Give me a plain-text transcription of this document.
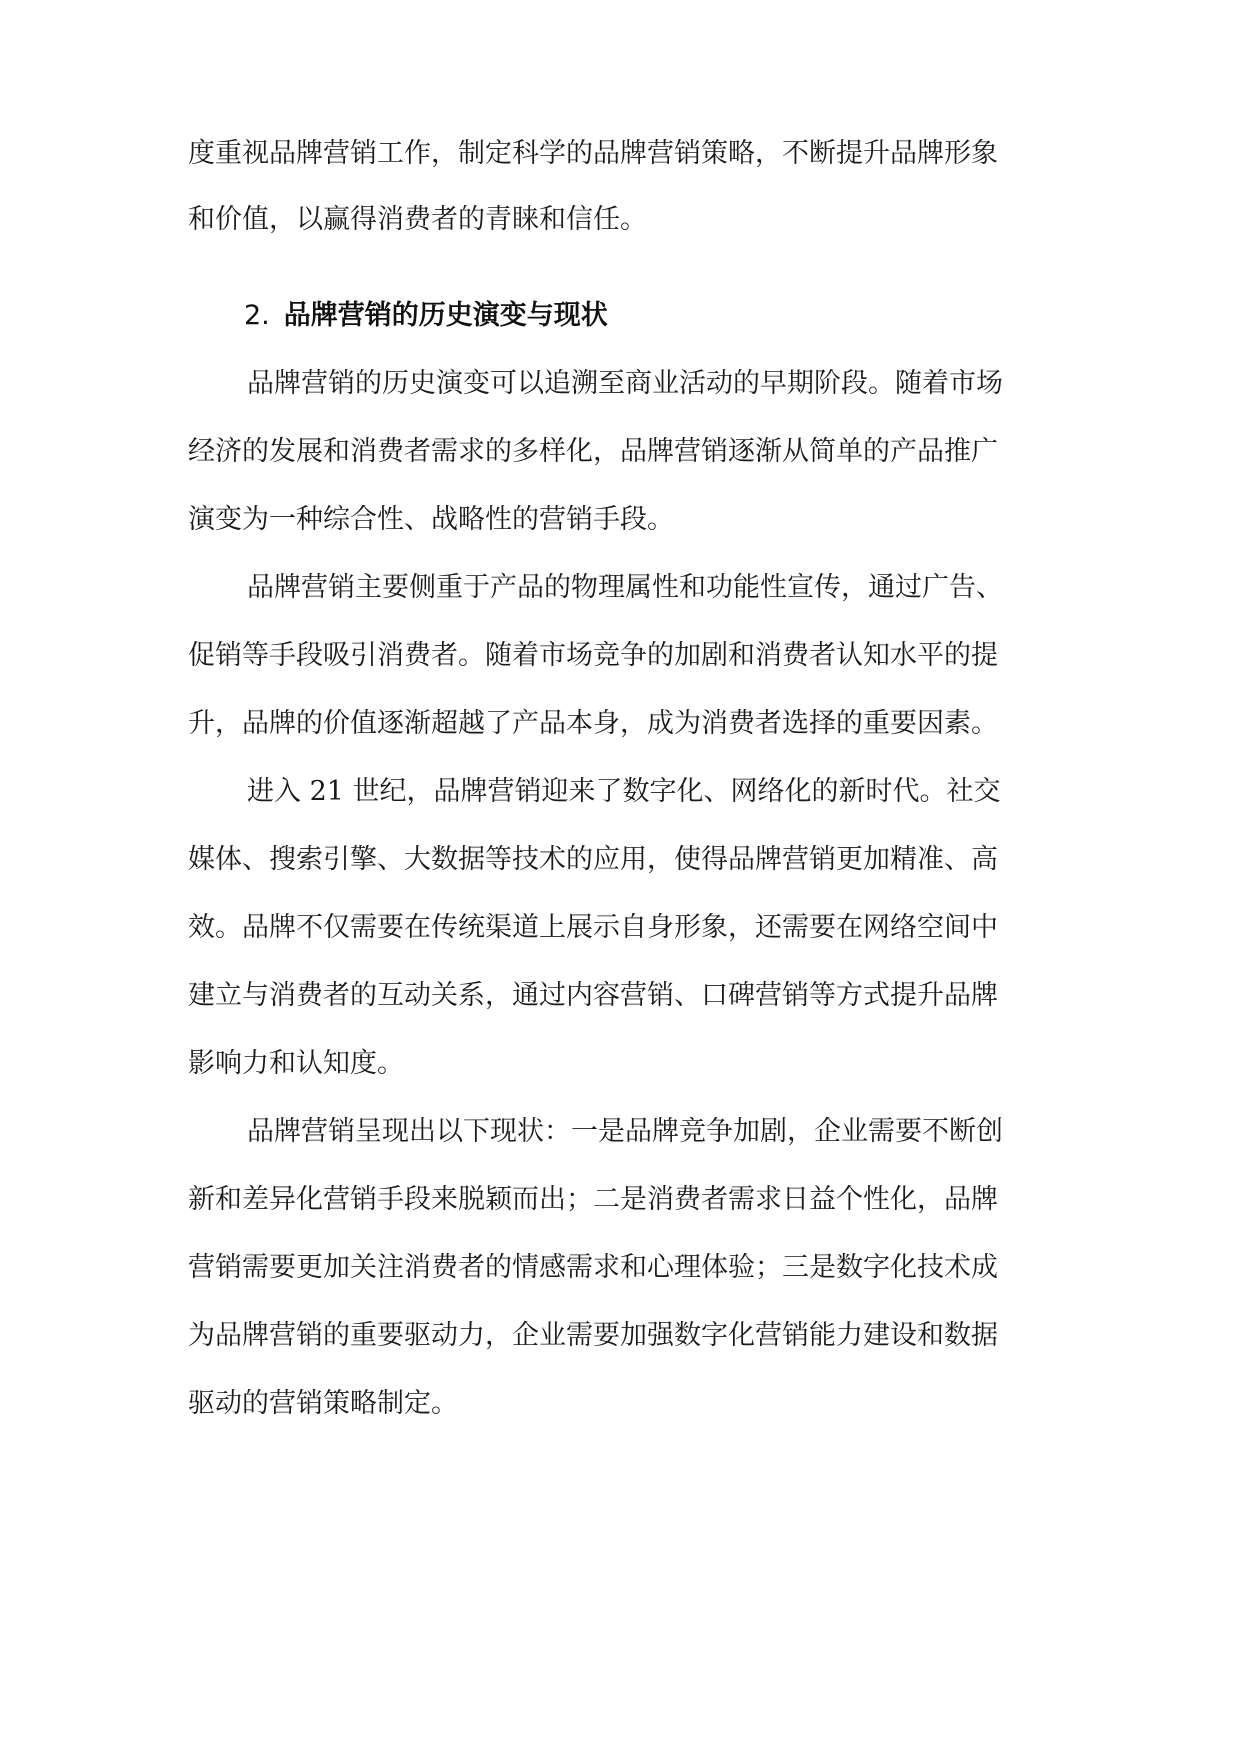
度重视品牌营销工作，制定科学的品牌营销策略，不断提升品牌形象
和价值，以赢得消费者的青睐和信任。
2. 品牌营销的历史演变与现状
品牌营销的历史演变可以追溯至商业活动的早期阶段。随着市场
经济的发展和消费者需求的多样化，品牌营销逐渐从简单的产品推广
演变为一种综合性、战略性的营销手段。
品牌营销主要侧重于产品的物理属性和功能性宣传，通过广告、
促销等手段吸引消费者。随着市场竞争的加剧和消费者认知水平的提
升，品牌的价值逐渐超越了产品本身，成为消费者选择的重要因素。
进入 21 世纪，品牌营销迎来了数字化、网络化的新时代。社交
媒体、搜索引擎、大数据等技术的应用，使得品牌营销更加精准、高
效。品牌不仅需要在传统渠道上展示自身形象，还需要在网络空间中
建立与消费者的互动关系，通过内容营销、口碑营销等方式提升品牌
影响力和认知度。
品牌营销呈现出以下现状：一是品牌竞争加剧，企业需要不断创
新和差异化营销手段来脱颖而出；二是消费者需求日益个性化，品牌
营销需要更加关注消费者的情感需求和心理体验；三是数字化技术成
为品牌营销的重要驱动力，企业需要加强数字化营销能力建设和数据
驱动的营销策略制定。
